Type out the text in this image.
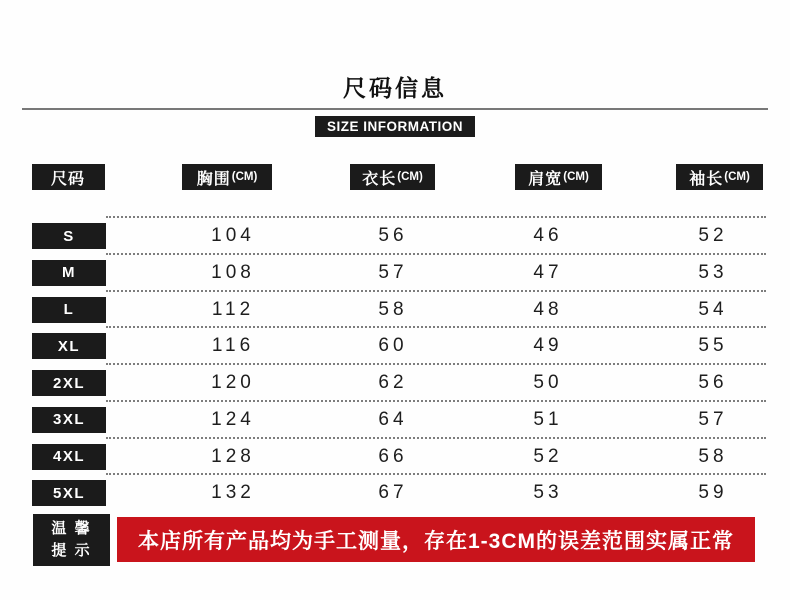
尺码信息
SIZE INFORMATION
尺码	胸围 (CM)	衣长 (CM)	肩宽 (CM)	袖长 (CM)
S	104	56	46	52
M	108	57	47	53
L	112	58	48	54
XL	116	60	49	55
2XL	120	62	50	56
3XL	124	64	51	57
4XL	128	66	52	58
5XL	132	67	53	59
温 馨
提 示	本店所有产品均为手工测量，存在1-3CM的误差范围实属正常
